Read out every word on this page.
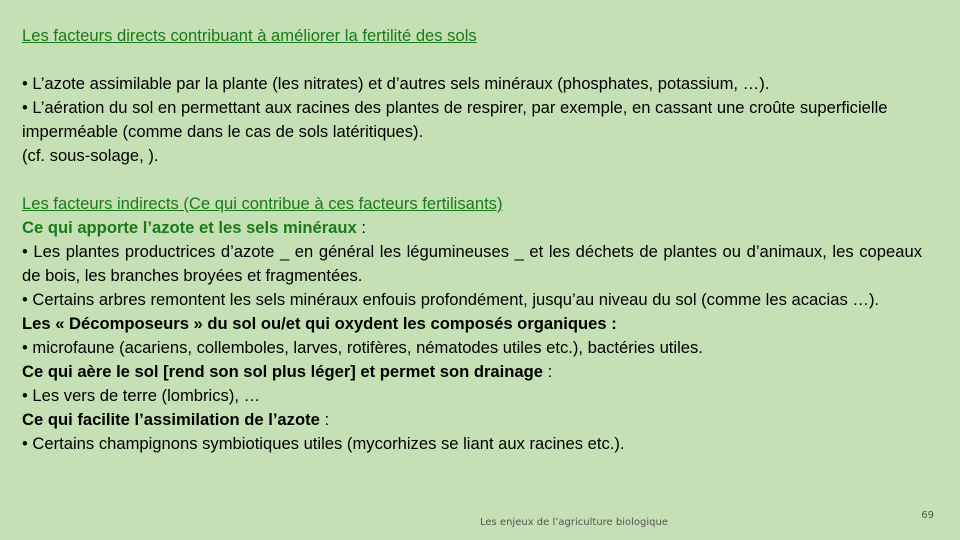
Les facteurs directs contribuant à améliorer la fertilité des sols

• L’azote assimilable par la plante (les nitrates) et d’autres sels minéraux (phosphates, potassium, …).

• L’aération du sol en permettant aux racines des plantes de respirer, par exemple, en cassant une croûte superficielle imperméable (comme dans le cas de sols latéritiques).

(cf. sous-solage, ).

Les facteurs indirects (Ce qui contribue à ces facteurs fertilisants)

Ce qui apporte l’azote et les sels minéraux :

• Les plantes productrices d’azote _ en général les légumineuses _ et les déchets de plantes ou d’animaux, les copeaux de bois, les branches broyées et fragmentées.

• Certains arbres remontent les sels minéraux enfouis profondément, jusqu’au niveau du sol (comme les acacias …).

Les « Décomposeurs » du sol ou/et qui oxydent les composés organiques :

• microfaune (acariens, collemboles, larves, rotifères, nématodes utiles etc.), bactéries utiles.

Ce qui aère le sol [rend son sol plus léger] et permet son drainage :

• Les vers de terre (lombrics), …

Ce qui facilite l’assimilation de l’azote :

• Certains champignons symbiotiques utiles (mycorhizes se liant aux racines etc.).

Les enjeux de l’agriculture biologique
69
